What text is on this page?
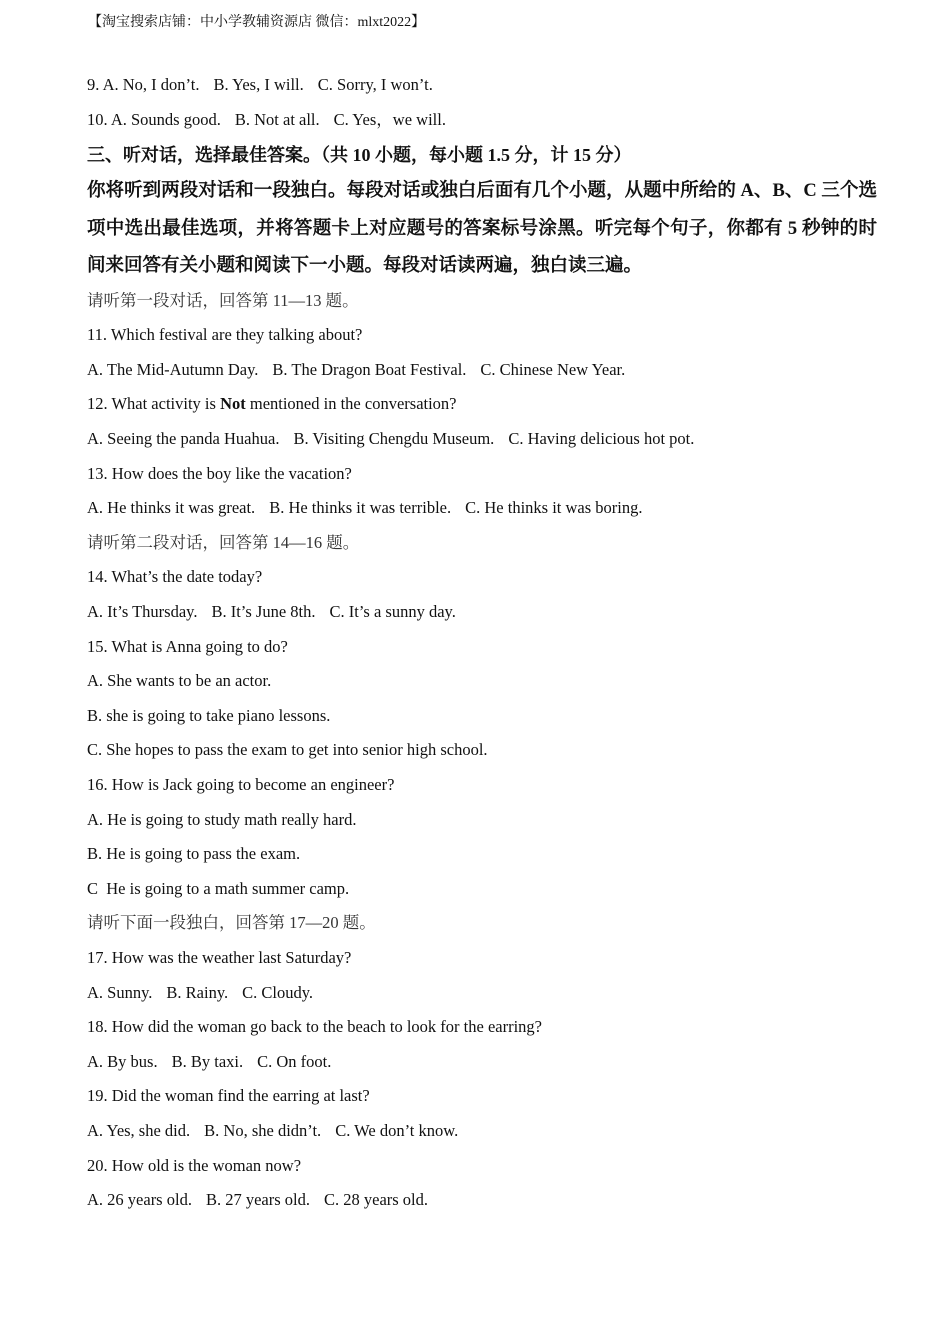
【淘宝搜索店铺：中小学教辅资源店 微信：mlxt2022】
9. A. No, I don’t. B. Yes, I will. C. Sorry, I won’t.
10. A. Sounds good. B. Not at all. C. Yes，we will.
三、听对话，选择最佳答案。（共 10 小题，每小题 1.5 分，计 15 分）
你将听到两段对话和一段独白。每段对话或独白后面有几个小题，从题中所给的 A、B、C 三个选项中选出最佳选项，并将答题卡上对应题号的答案标号涂黑。听完每个句子，你都有 5 秒钟的时间来回答有关小题和阅读下一小题。每段对话读两遍，独白读三遍。
请听第一段对话，回答第 11—13 题。
11. Which festival are they talking about?
A. The Mid-Autumn Day. B. The Dragon Boat Festival. C. Chinese New Year.
12. What activity is Not mentioned in the conversation?
A. Seeing the panda Huahua. B. Visiting Chengdu Museum. C. Having delicious hot pot.
13. How does the boy like the vacation?
A. He thinks it was great. B. He thinks it was terrible. C. He thinks it was boring.
请听第二段对话，回答第 14—16 题。
14. What’s the date today?
A. It’s Thursday. B. It’s June 8th. C. It’s a sunny day.
15. What is Anna going to do?
A. She wants to be an actor.
B. she is going to take piano lessons.
C. She hopes to pass the exam to get into senior high school.
16. How is Jack going to become an engineer?
A. He is going to study math really hard.
B. He is going to pass the exam.
C  He is going to a math summer camp.
请听下面一段独白，回答第 17—20 题。
17. How was the weather last Saturday?
A. Sunny. B. Rainy. C. Cloudy.
18. How did the woman go back to the beach to look for the earring?
A. By bus. B. By taxi. C. On foot.
19. Did the woman find the earring at last?
A. Yes, she did. B. No, she didn’t. C. We don’t know.
20. How old is the woman now?
A. 26 years old. B. 27 years old. C. 28 years old.
